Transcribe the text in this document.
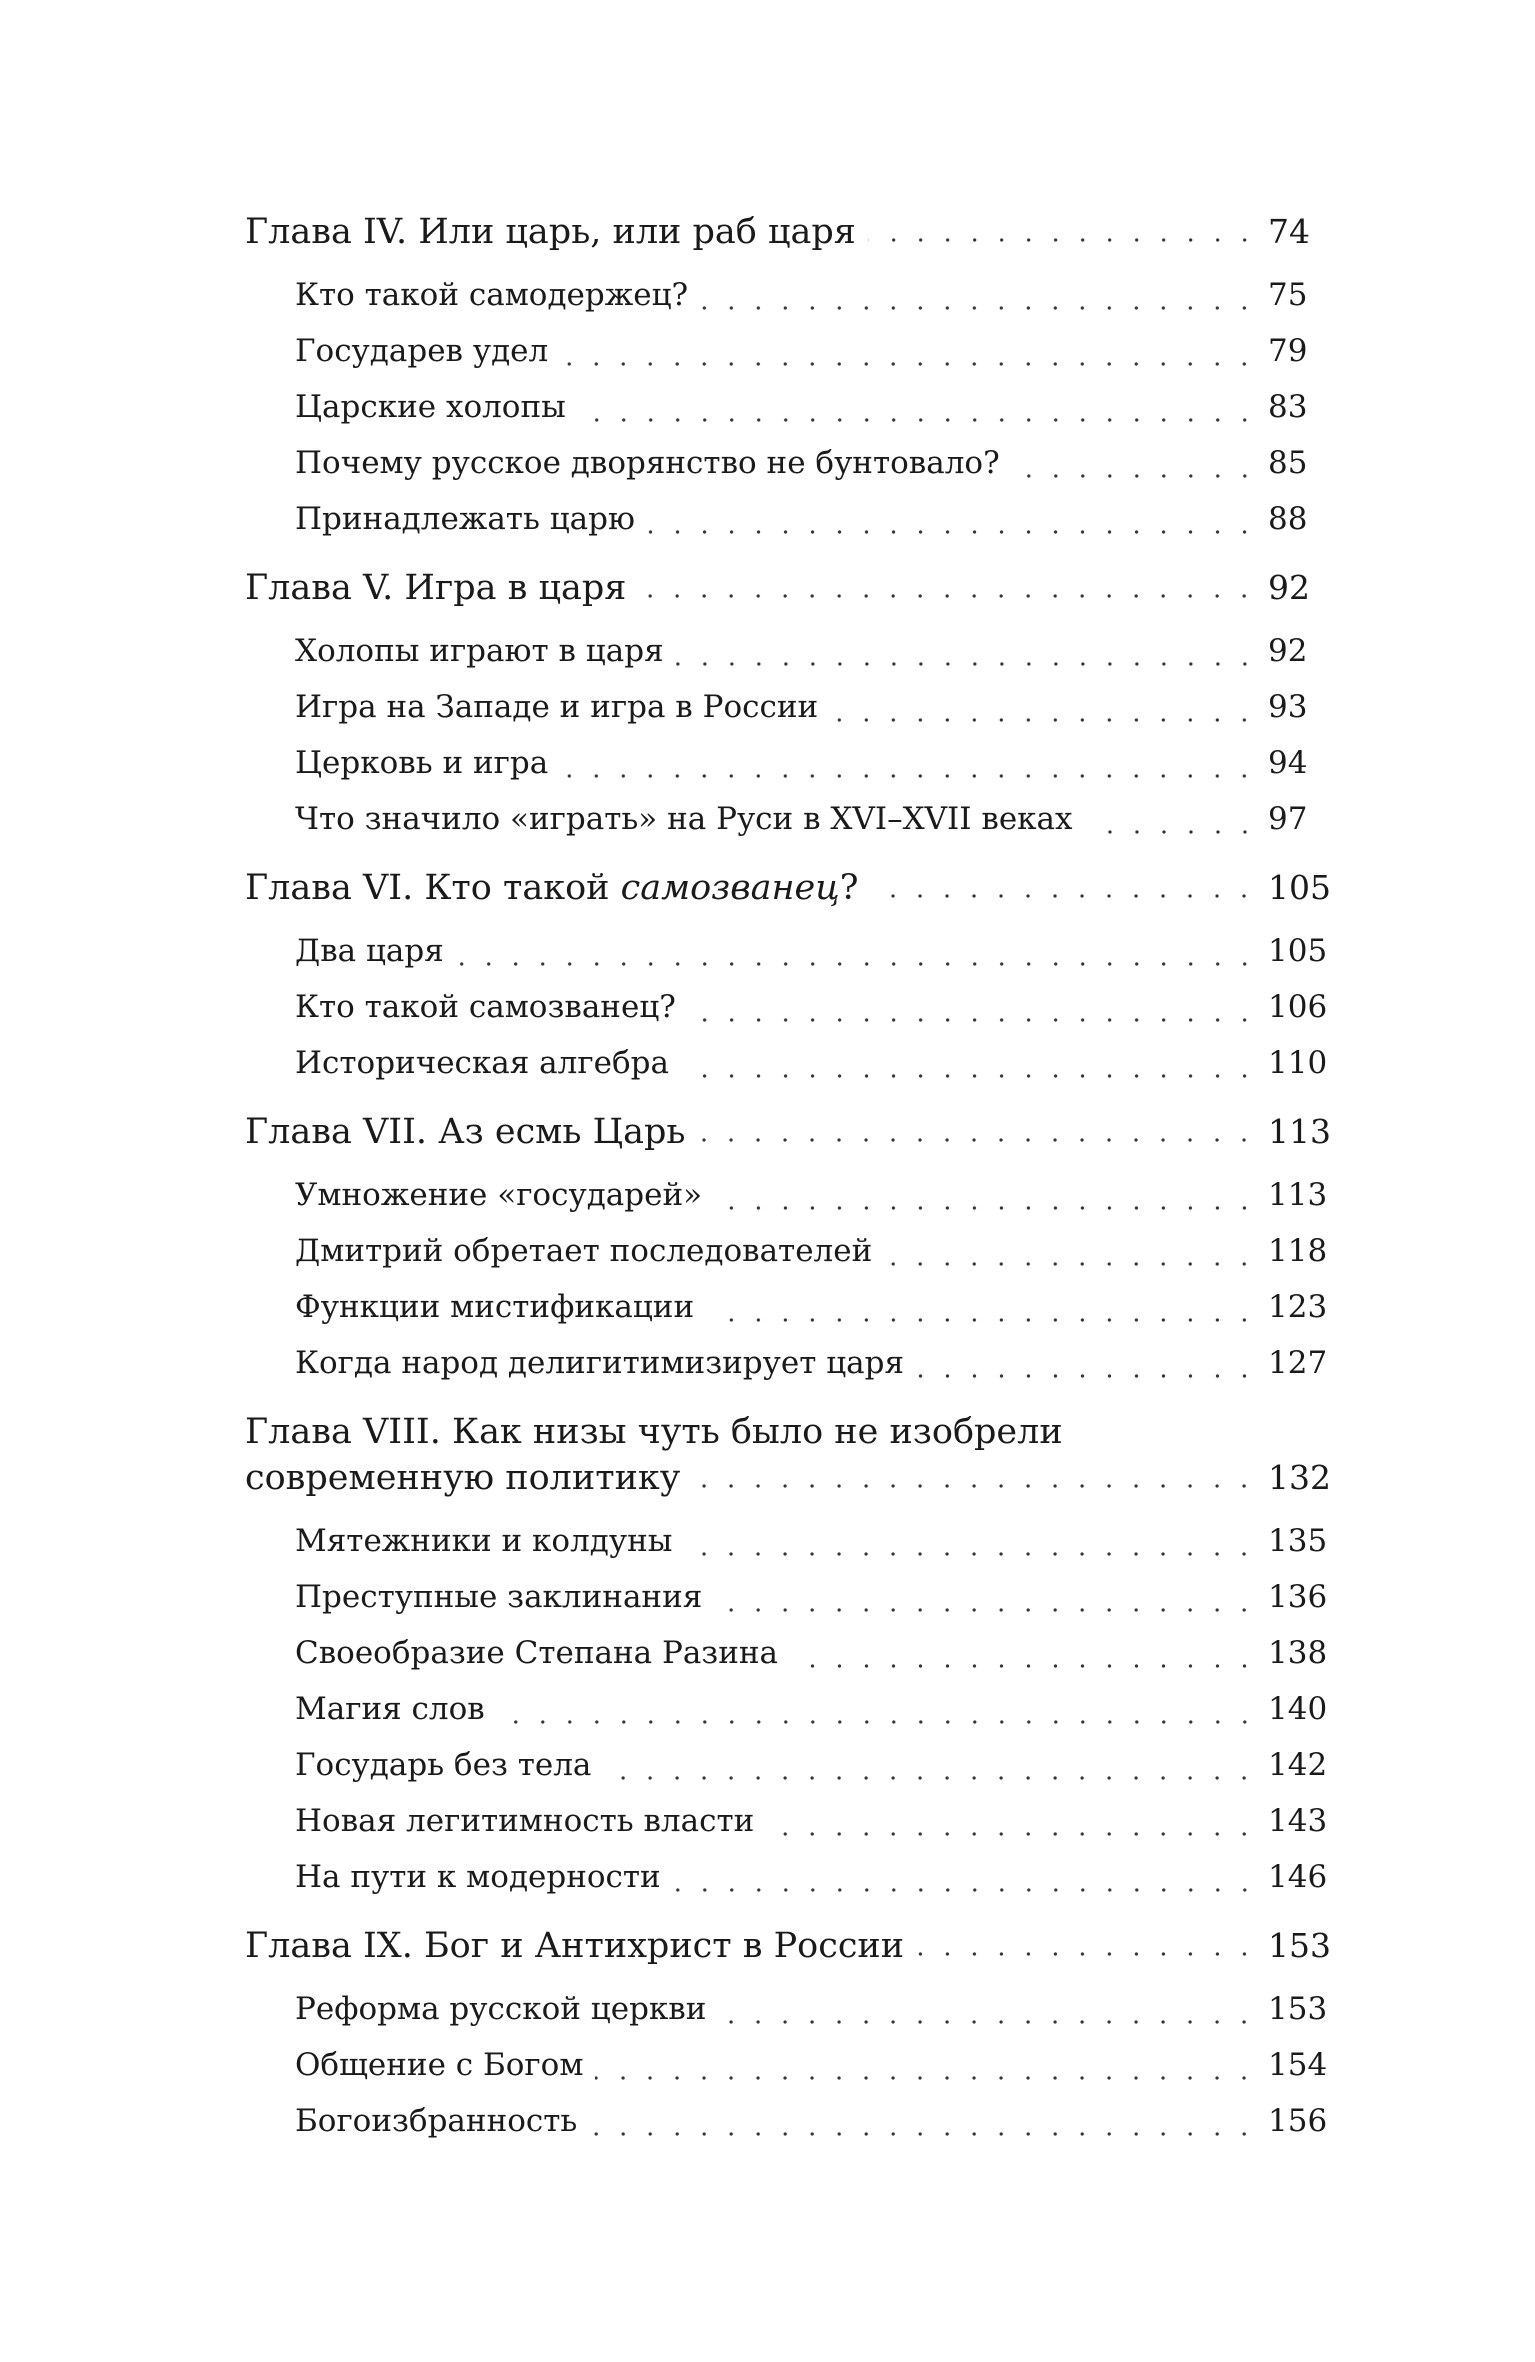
Глава IV. Или царь, или раб царя	74
Кто такой самодержец?	75
Государев удел	79
Царские холопы	83
Почему русское дворянство не бунтовало?	85
Принадлежать царю	88
Глава V. Игра в царя	92
Холопы играют в царя	92
Игра на Западе и игра в России	93
Церковь и игра	94
Что значило «играть» на Руси в XVI–XVII веках	97
Глава VI. Кто такой самозванец?	105
Два царя	105
Кто такой самозванец?	106
Историческая алгебра	110
Глава VII. Аз есмь Царь	113
Умножение «государей»	113
Дмитрий обретает последователей	118
Функции мистификации	123
Когда народ делигитимизирует царя	127
Глава VIII. Как низы чуть было не изобрели
современную политику	132
Мятежники и колдуны	135
Преступные заклинания	136
Своеобразие Степана Разина	138
Магия слов	140
Государь без тела	142
Новая легитимность власти	143
На пути к модерности	146
Глава IX. Бог и Антихрист в России	153
Реформа русской церкви	153
Общение с Богом	154
Богоизбранность	156
